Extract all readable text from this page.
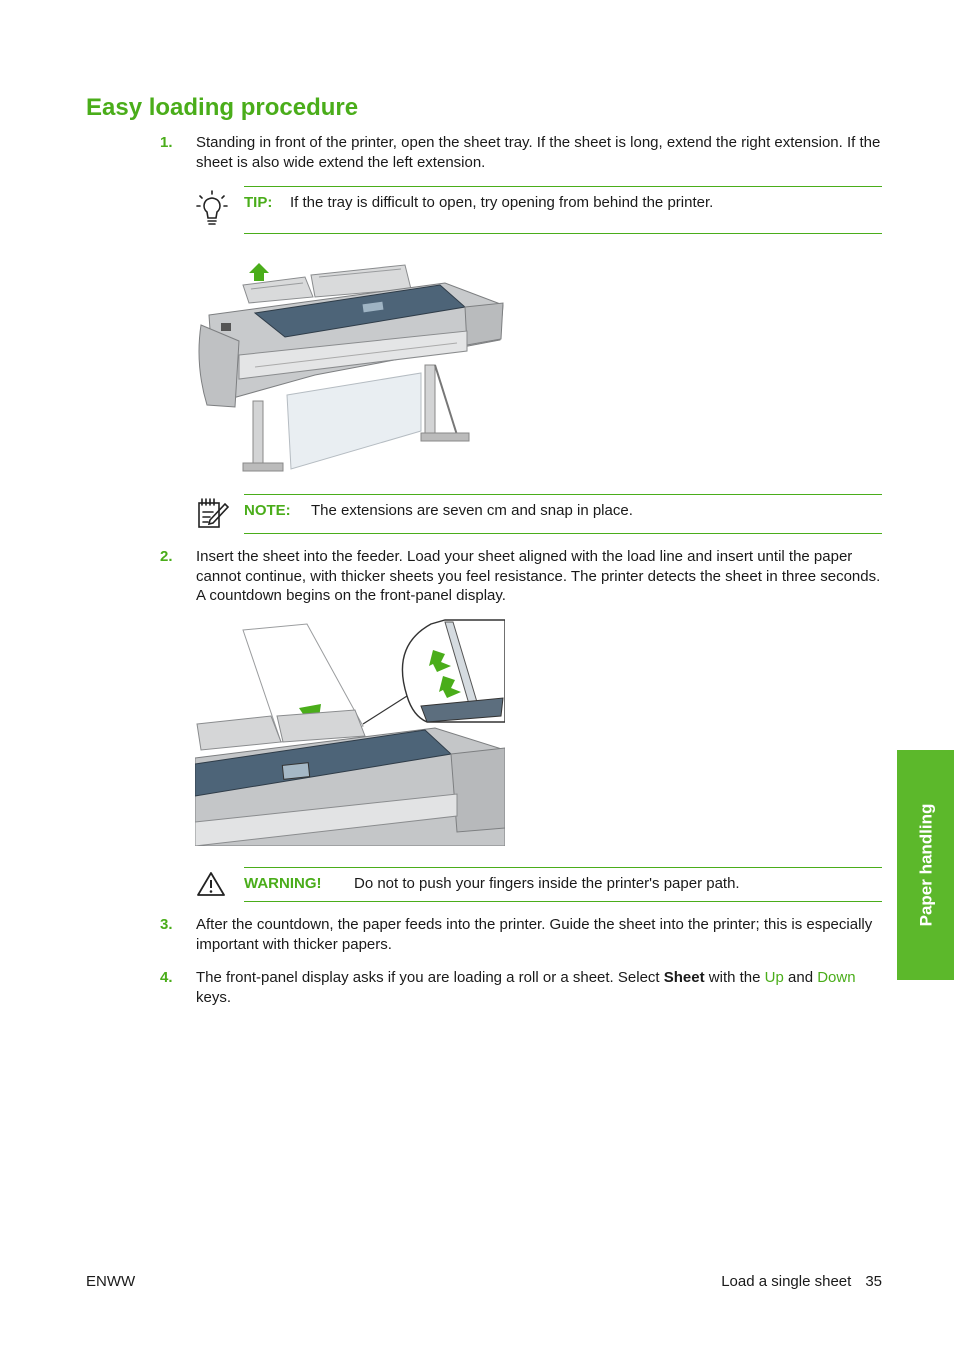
Easy loading procedure
1.	Standing in front of the printer, open the sheet tray. If the sheet is long, extend the right extension. If the sheet is also wide extend the left extension.
TIP: If the tray is difficult to open, try opening from behind the printer.
NOTE: The extensions are seven cm and snap in place.
2.	Insert the sheet into the feeder. Load your sheet aligned with the load line and insert until the paper cannot continue, with thicker sheets you feel resistance. The printer detects the sheet in three seconds. A countdown begins on the front-panel display.
WARNING! Do not to push your fingers inside the printer's paper path.
3.	After the countdown, the paper feeds into the printer. Guide the sheet into the printer; this is especially important with thicker papers.
4.	The front-panel display asks if you are loading a roll or a sheet. Select Sheet with the Up and Down keys.
Paper handling
ENWW	Load a single sheet 35
